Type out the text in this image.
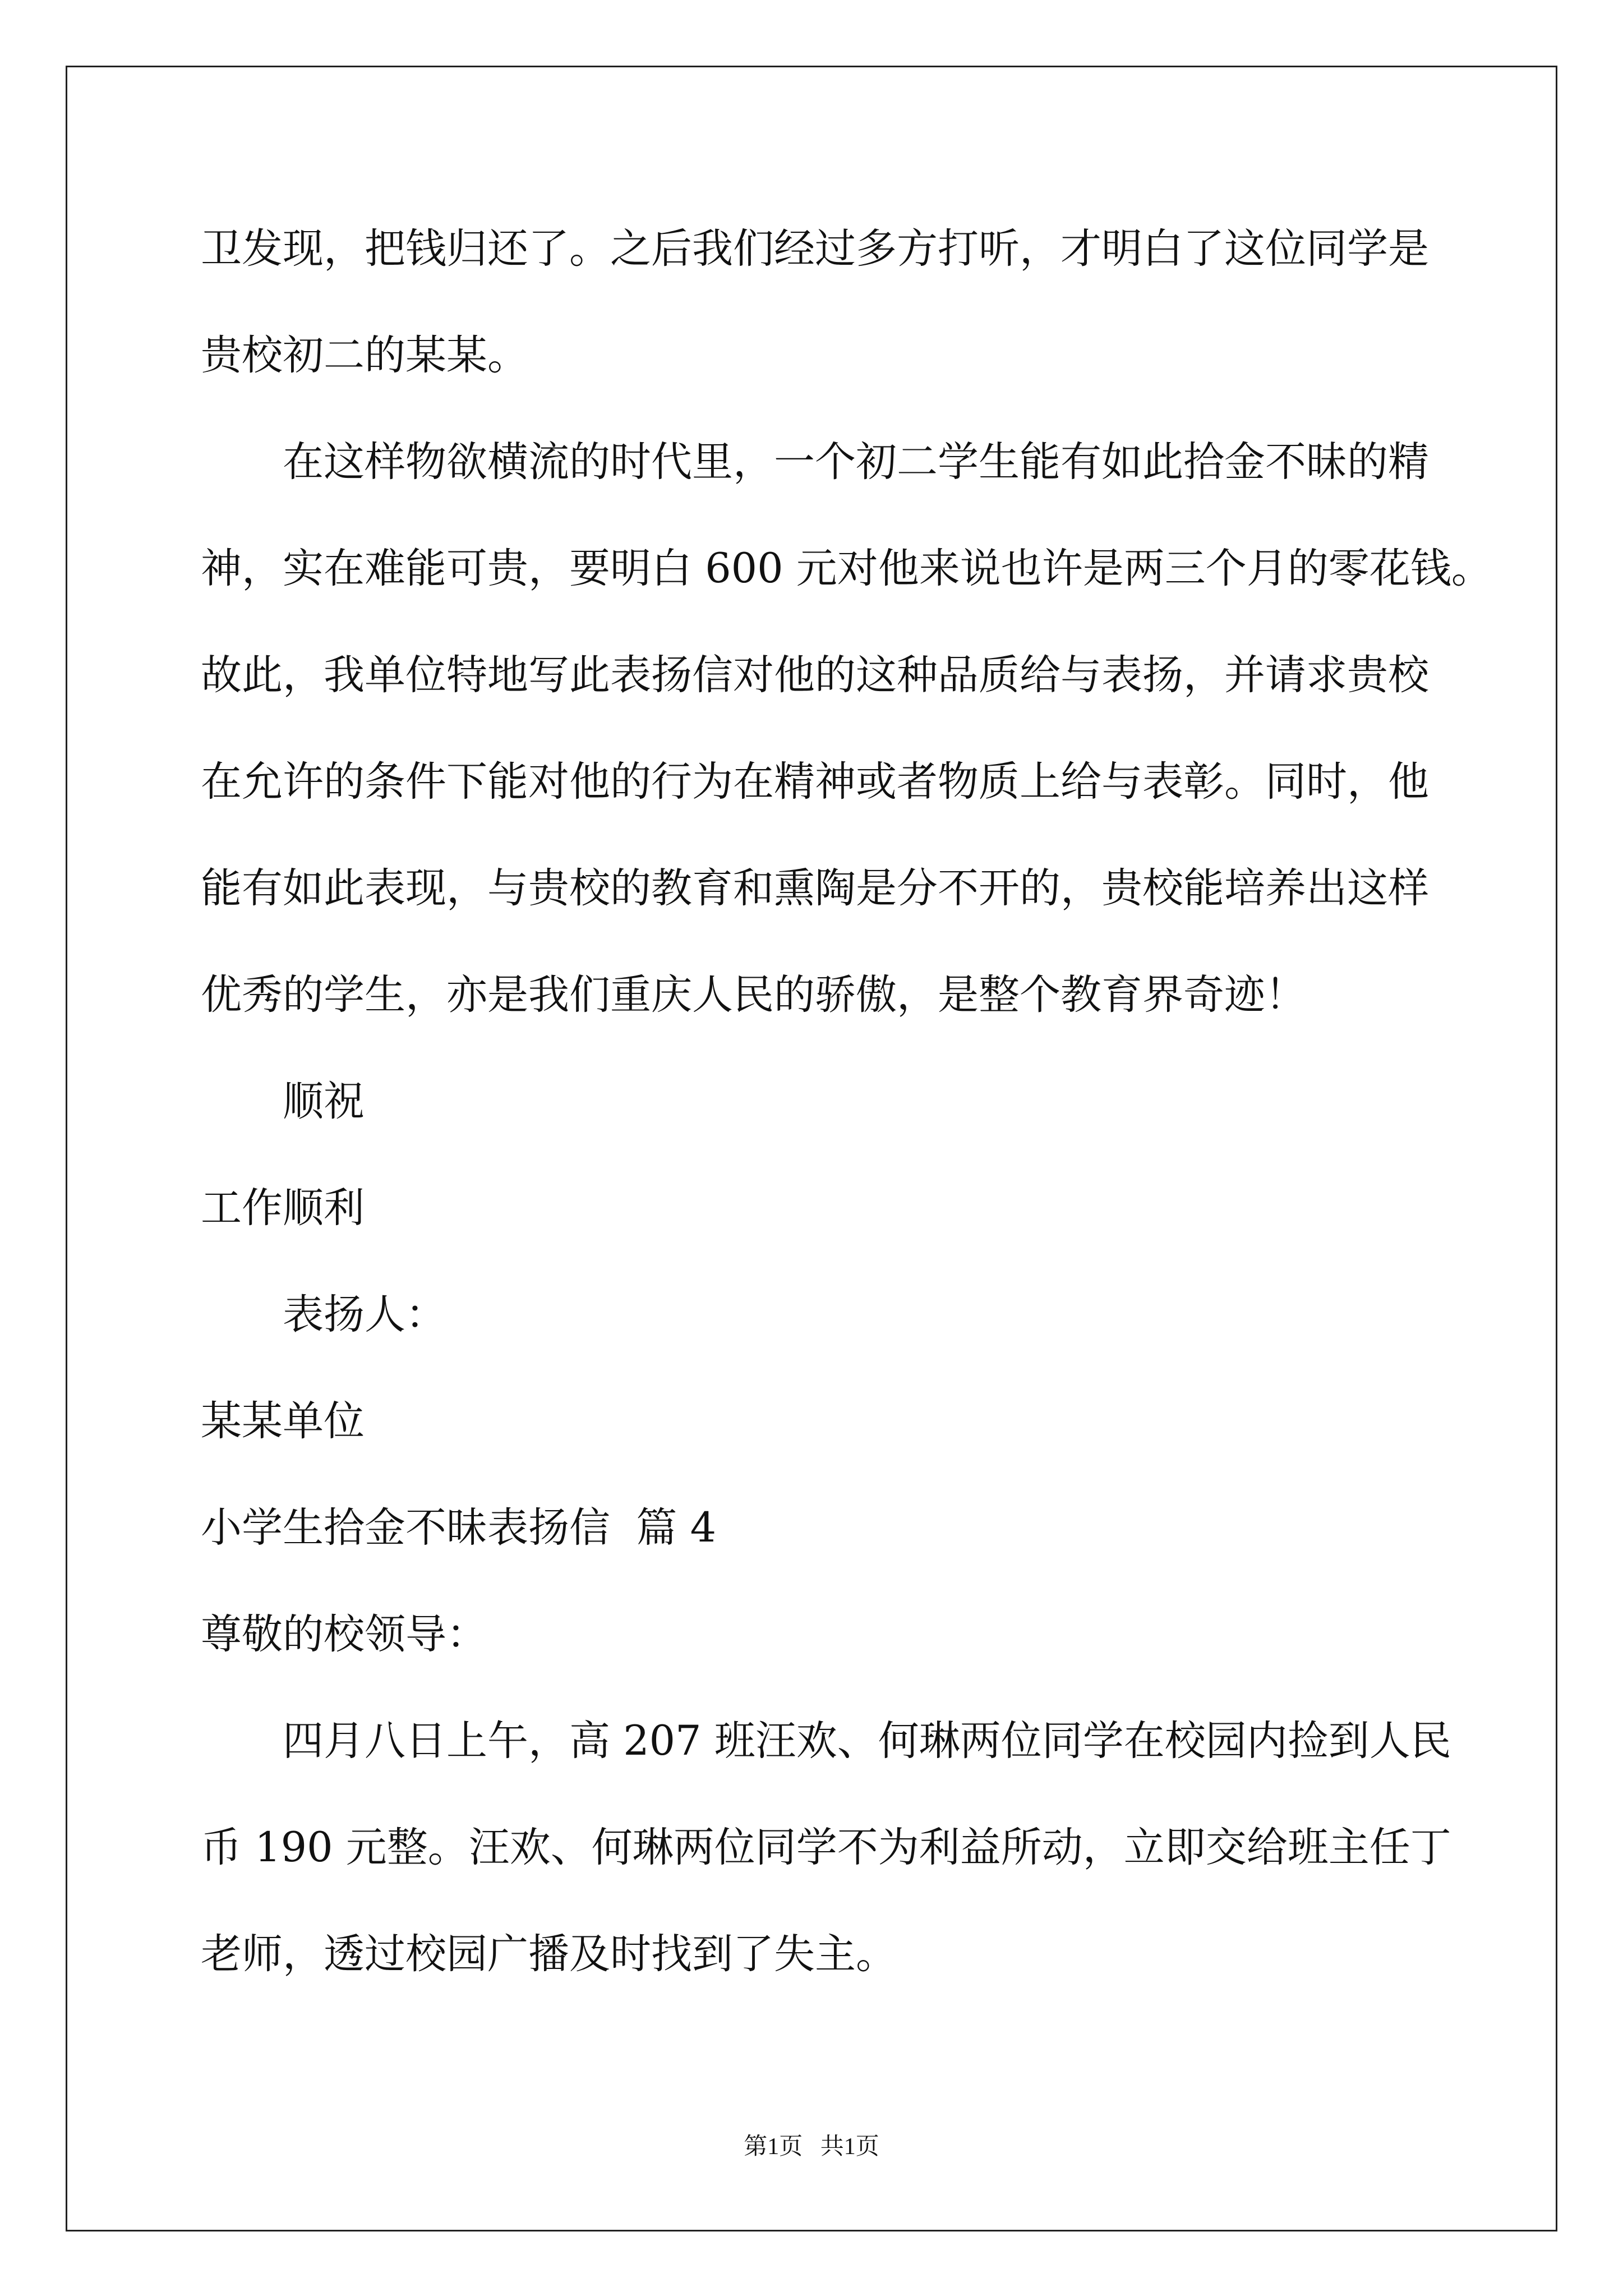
卫发现，把钱归还了。之后我们经过多方打听，才明白了这位同学是
贵校初二的某某。
在这样物欲横流的时代里，一个初二学生能有如此拾金不昧的精
神，实在难能可贵，要明白 600 元对他来说也许是两三个月的零花钱。
故此，我单位特地写此表扬信对他的这种品质给与表扬，并请求贵校
在允许的条件下能对他的行为在精神或者物质上给与表彰。同时，他
能有如此表现，与贵校的教育和熏陶是分不开的，贵校能培养出这样
优秀的学生，亦是我们重庆人民的骄傲，是整个教育界奇迹！
顺祝
工作顺利
表扬人：
某某单位
小学生拾金不昧表扬信  篇 4
尊敬的校领导：
四月八日上午，高 207 班汪欢、何琳两位同学在校园内捡到人民
币 190 元整。汪欢、何琳两位同学不为利益所动，立即交给班主任丁
老师，透过校园广播及时找到了失主。
第1页   共1页
